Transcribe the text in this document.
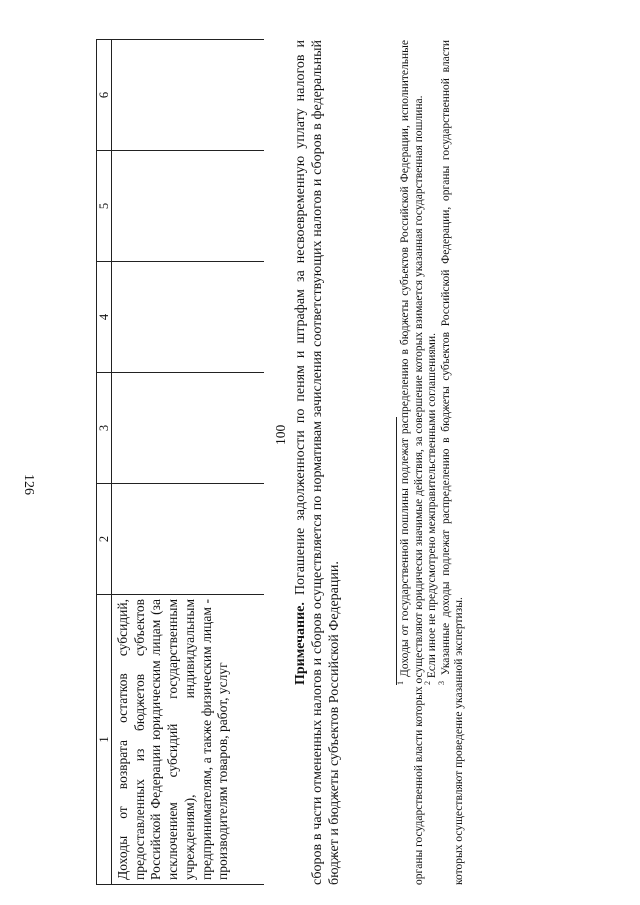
126
1	2	3	4	5	6

Доходы от возврата остатков субсидий, предоставленных из бюджетов субъектов Российской Федерации юридическим лицам (за исключением субсидий государственным учреждениям), индивидуальным предпринимателям, а также физическим лицам - производителям товаров, работ, услуг					

100
Примечание. Погашение задолженности по пеням и штрафам за несвоевременную уплату налогов и сборов в части отмененных налогов и сборов осуществляется по нормативам зачисления соответствующих налогов и сборов в федеральный бюджет и бюджеты субъектов Российской Федерации.	$^1$ Доходы от государственной пошлины подлежат распределению в бюджеты субъектов Российской Федерации, исполнительные органы государственной власти которых осуществляют юридически значимые действия, за совершение которых взимается указанная государственная пошлина.

$^2$ Если иное не предусмотрено межправительственными соглашениями.

$^3$ Указанные доходы подлежат распределению в бюджеты субъектов Российской Федерации, органы государственной власти которых осуществляют проведение указанной экспертизы.
